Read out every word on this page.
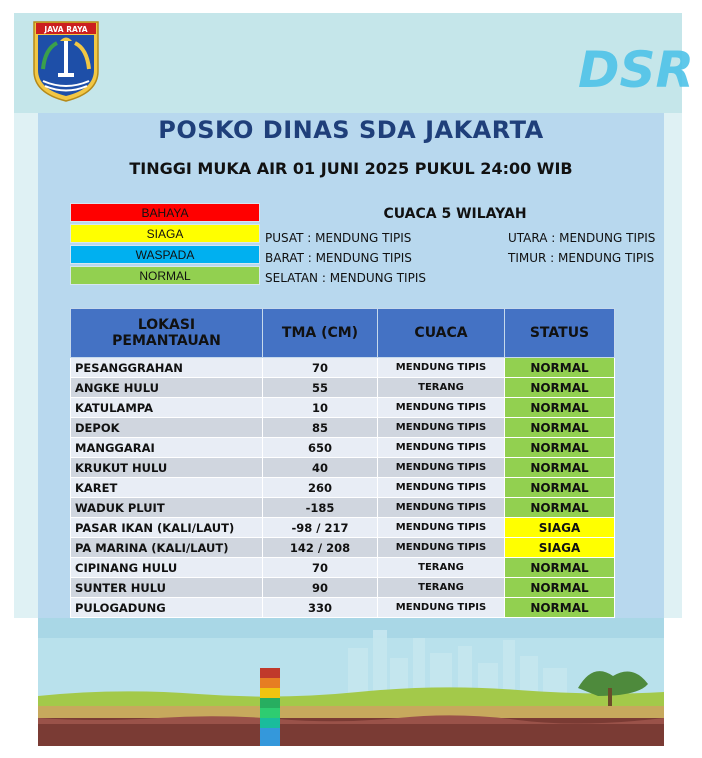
JAVA RAYA
DSR
POSKO DINAS SDA JAKARTA
TINGGI MUKA AIR 01 JUNI 2025 PUKUL 24:00 WIB
BAHAYA
SIAGA
WASPADA
NORMAL
CUACA 5 WILAYAH
PUSAT : MENDUNG TIPIS
BARAT : MENDUNG TIPIS
SELATAN : MENDUNG TIPIS
UTARA : MENDUNG TIPIS
TIMUR : MENDUNG TIPIS
LOKASI PEMANTAUAN	TMA (CM)	CUACA	STATUS
PESANGGRAHAN	70	MENDUNG TIPIS	NORMAL
ANGKE HULU	55	TERANG	NORMAL
KATULAMPA	10	MENDUNG TIPIS	NORMAL
DEPOK	85	MENDUNG TIPIS	NORMAL
MANGGARAI	650	MENDUNG TIPIS	NORMAL
KRUKUT HULU	40	MENDUNG TIPIS	NORMAL
KARET	260	MENDUNG TIPIS	NORMAL
WADUK PLUIT	-185	MENDUNG TIPIS	NORMAL
PASAR IKAN (KALI/LAUT)	-98 / 217	MENDUNG TIPIS	SIAGA
PA MARINA (KALI/LAUT)	142 / 208	MENDUNG TIPIS	SIAGA
CIPINANG HULU	70	TERANG	NORMAL
SUNTER HULU	90	TERANG	NORMAL
PULOGADUNG	330	MENDUNG TIPIS	NORMAL
